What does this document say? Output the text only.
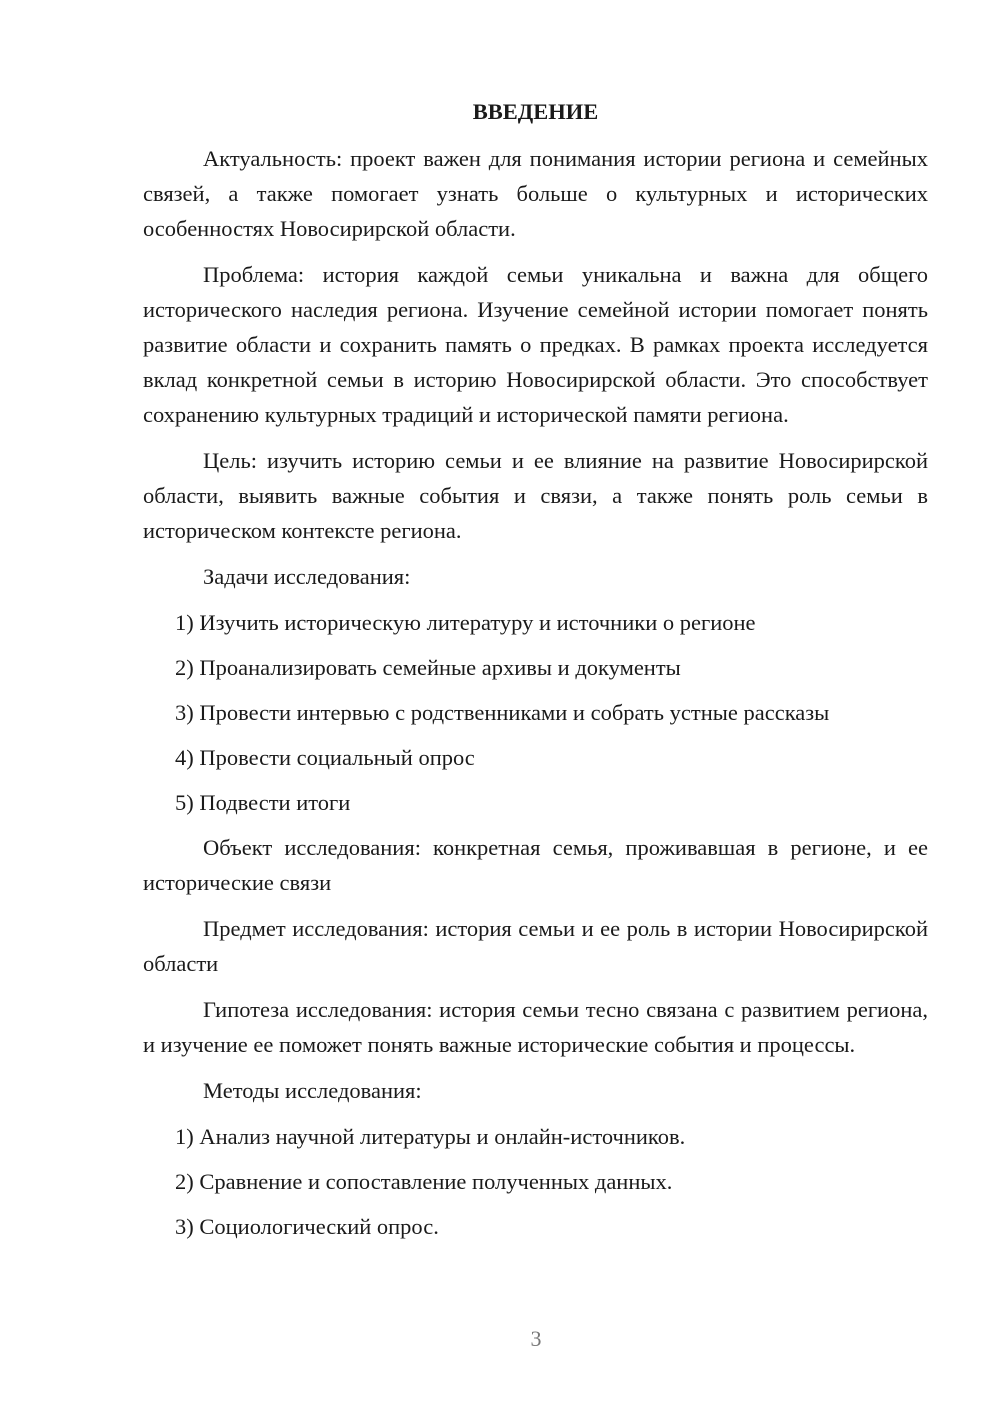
ВВЕДЕНИЕ

Актуальность: проект важен для понимания истории региона и семейных связей, а также помогает узнать больше о культурных и исторических особенностях Новосирирской области.

Проблема: история каждой семьи уникальна и важна для общего исторического наследия региона. Изучение семейной истории помогает понять развитие области и сохранить память о предках. В рамках проекта исследуется вклад конкретной семьи в историю Новосирирской области. Это способствует сохранению культурных традиций и исторической памяти региона.

Цель: изучить историю семьи и ее влияние на развитие Новосирирской области, выявить важные события и связи, а также понять роль семьи в историческом контексте региона.

Задачи исследования:

1) Изучить историческую литературу и источники о регионе

2) Проанализировать семейные архивы и документы

3) Провести интервью с родственниками и собрать устные рассказы

4) Провести социальный опрос

5) Подвести итоги

Объект исследования: конкретная семья, проживавшая в регионе, и ее исторические связи

Предмет исследования: история семьи и ее роль в истории Новосирирской области

Гипотеза исследования: история семьи тесно связана с развитием региона, и изучение ее поможет понять важные исторические события и процессы.

Методы исследования:

1) Анализ научной литературы и онлайн-источников.

2) Сравнение и сопоставление полученных данных.

3) Социологический опрос.

3
